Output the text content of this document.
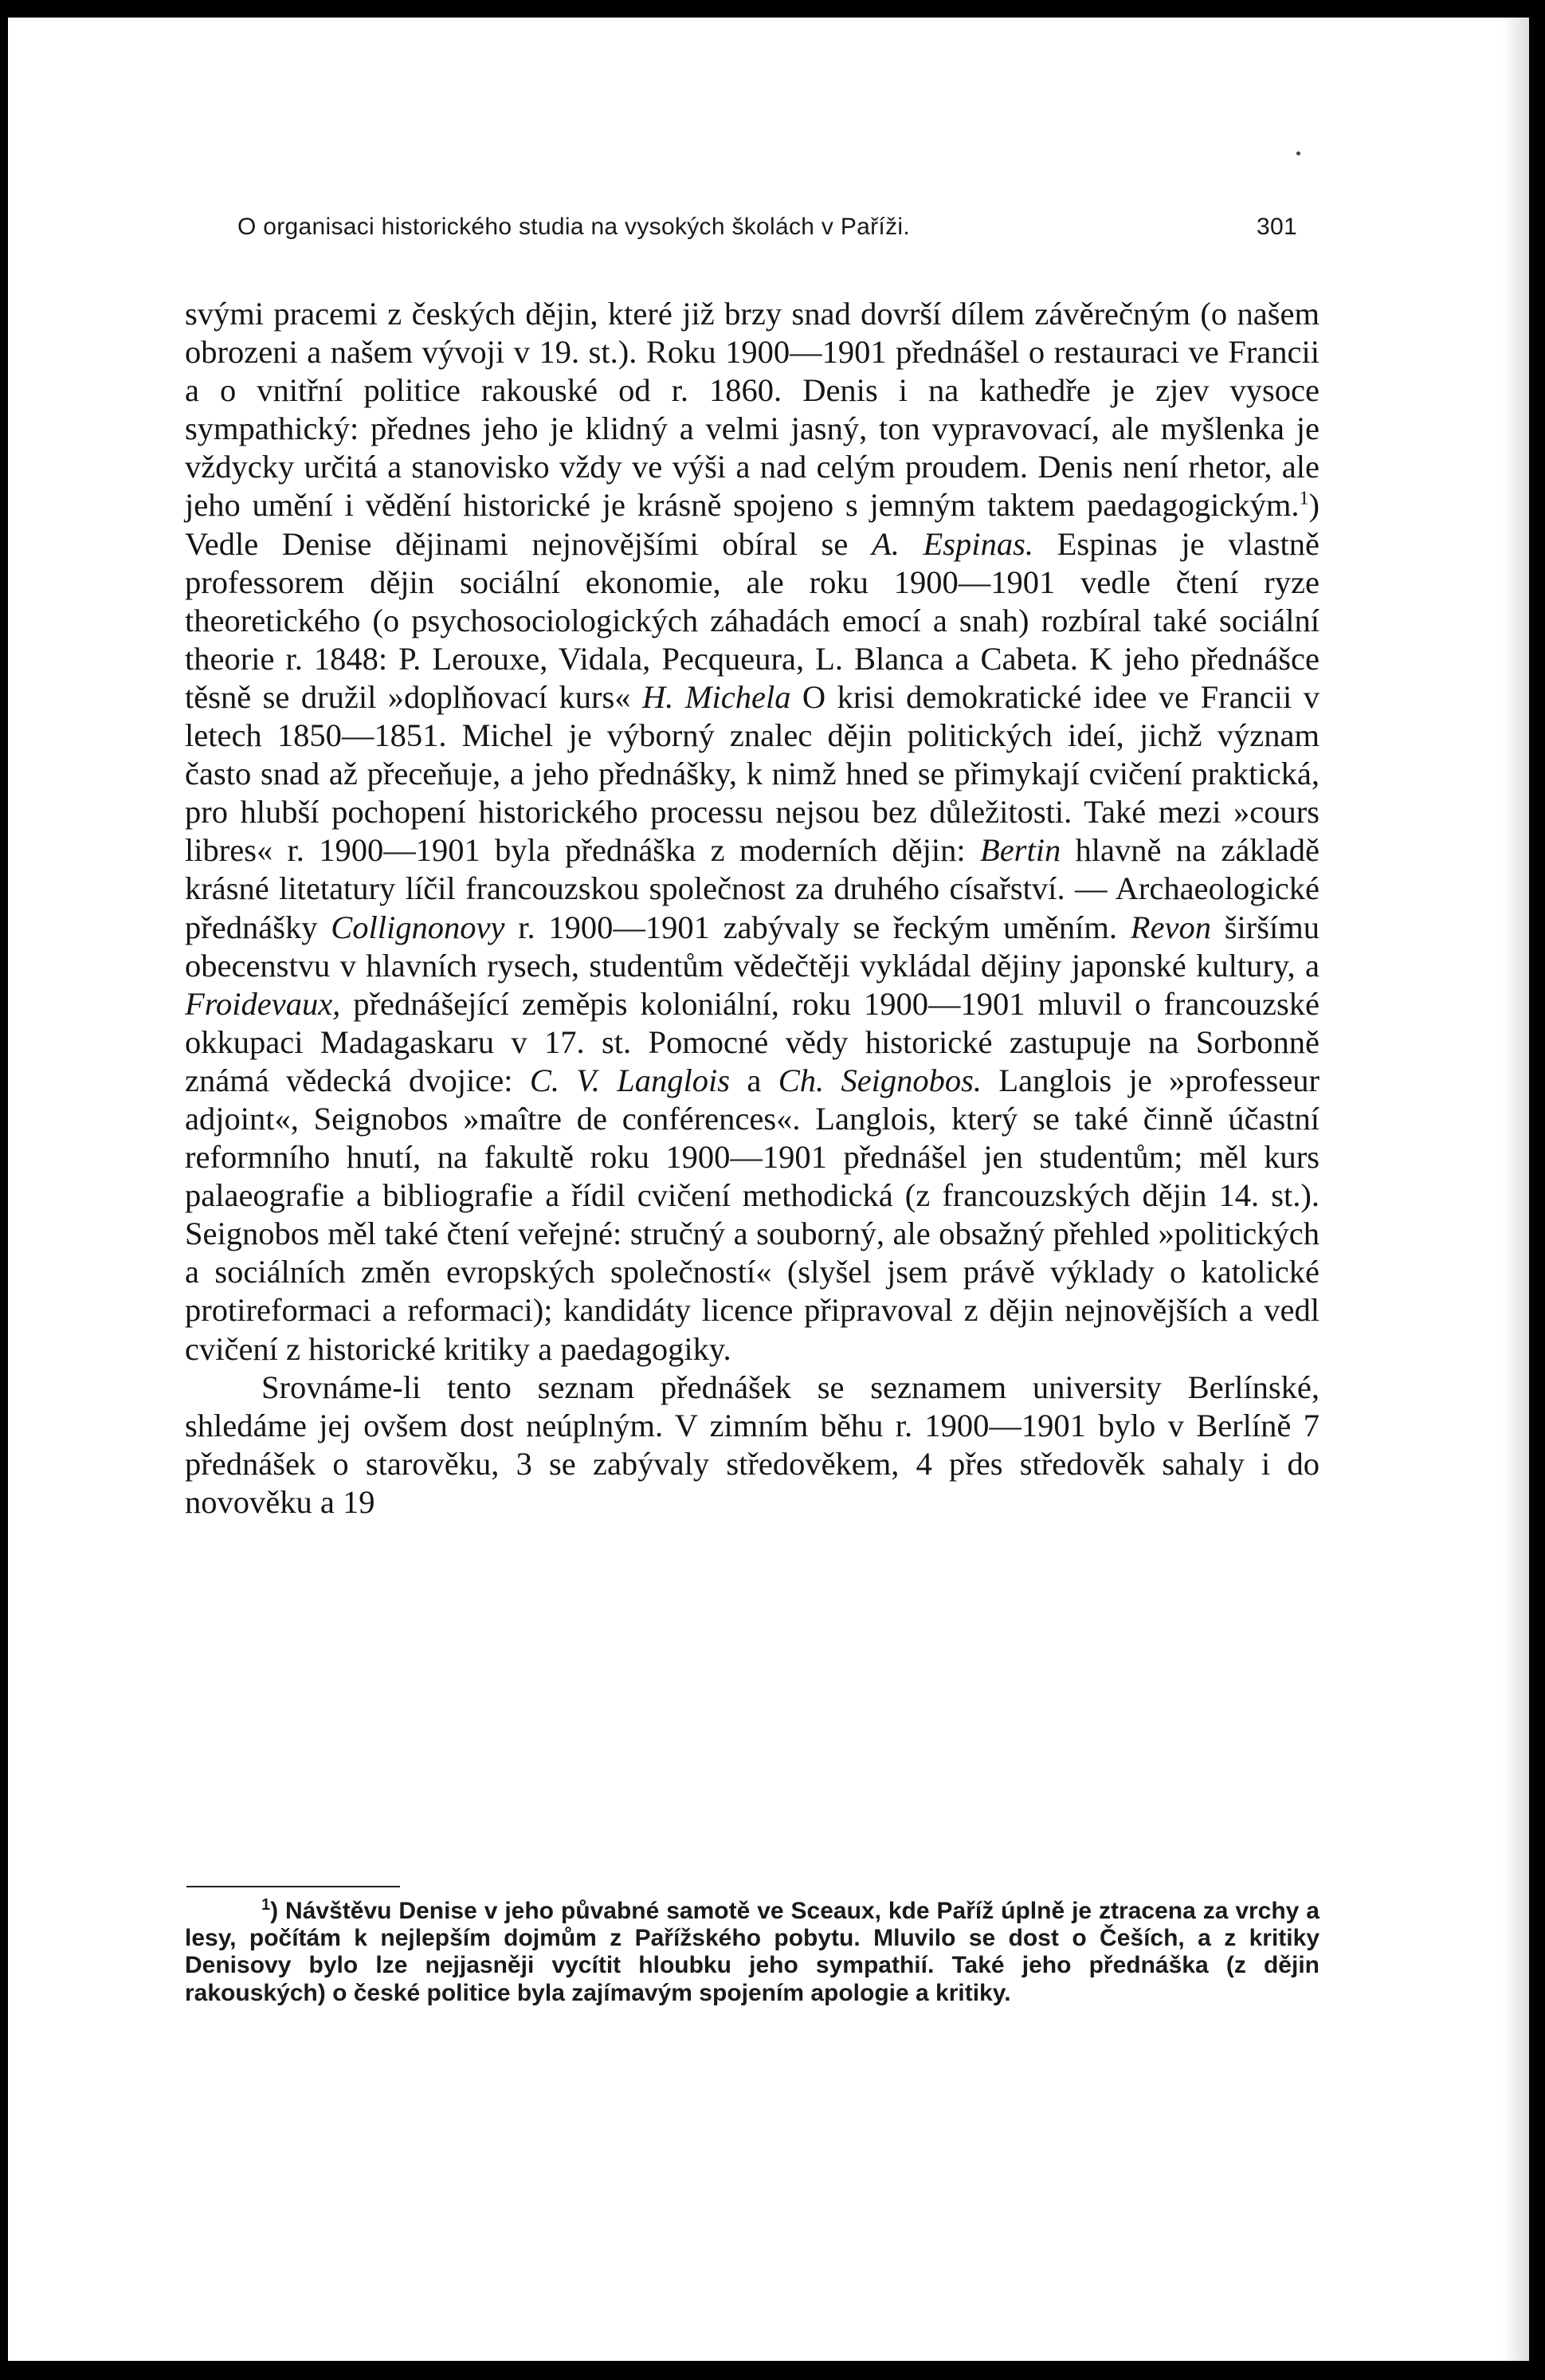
O organisaci historického studia na vysokých školách v Paříži.	301

svými pracemi z českých dějin, které již brzy snad dovrší dílem závěrečným (o našem obrozeni a našem vývoji v 19. st.). Roku 1900—1901 přednášel o restauraci ve Francii a o vnitřní politice rakouské od r. 1860. Denis i na kathedře je zjev vysoce sympathický: přednes jeho je klidný a velmi jasný, ton vypravovací, ale myšlenka je vždycky určitá a stanovisko vždy ve výši a nad celým proudem. Denis není rhetor, ale jeho umění i vědění historické je krásně spojeno s jemným taktem paedagogickým.$^1$) Vedle Denise dějinami nejnovějšími obíral se A. Espinas. Espinas je vlastně professorem dějin sociální ekonomie, ale roku 1900—1901 vedle čtení ryze theoretického (o psychosociologických záhadách emocí a snah) rozbíral také sociální theorie r. 1848: P. Lerouxe, Vidala, Pecqueura, L. Blanca a Cabeta. K jeho přednášce těsně se družil »doplňovací kurs« H. Michela O krisi demokratické idee ve Francii v letech 1850—1851. Michel je výborný znalec dějin politických ideí, jichž význam často snad až přeceňuje, a jeho přednášky, k nimž hned se přimykají cvičení praktická, pro hlubší pochopení historického processu nejsou bez důležitosti. Také mezi »cours libres« r. 1900—1901 byla přednáška z moderních dějin: Bertin hlavně na základě krásné litetatury líčil francouzskou společnost za druhého císařství. — Archaeologické přednášky Collignonovy r. 1900—1901 zabývaly se řeckým uměním. Revon širšímu obecenstvu v hlavních rysech, studentům vědečtěji vykládal dějiny japonské kultury, a Froidevaux, přednášející zeměpis koloniální, roku 1900—1901 mluvil o francouzské okkupaci Madagaskaru v 17. st. Pomocné vědy historické zastupuje na Sorbonně známá vědecká dvojice: C. V. Langlois a Ch. Seignobos. Langlois je »professeur adjoint«, Seignobos »maître de conférences«. Langlois, který se také činně účastní reformního hnutí, na fakultě roku 1900—1901 přednášel jen studentům; měl kurs palaeografie a bibliografie a řídil cvičení methodická (z francouzských dějin 14. st.). Seignobos měl také čtení veřejné: stručný a souborný, ale obsažný přehled »politických a sociálních změn evropských společností« (slyšel jsem právě výklady o katolické protireformaci a reformaci); kandidáty licence připravoval z dějin nejnovějších a vedl cvičení z historické kritiky a paedagogiky.

Srovnáme-li tento seznam přednášek se seznamem university Berlínské, shledáme jej ovšem dost neúplným. V zimním běhu r. 1900—1901 bylo v Berlíně 7 přednášek o starověku, 3 se zabývaly středověkem, 4 přes středověk sahaly i do novověku a 19

$^1$) Návštěvu Denise v jeho půvabné samotě ve Sceaux, kde Paříž úplně je ztracena za vrchy a lesy, počítám k nejlepším dojmům z Pařížského pobytu. Mluvilo se dost o Češích, a z kritiky Denisovy bylo lze nejjasněji vycítit hloubku jeho sympathií. Také jeho přednáška (z dějin rakouských) o české politice byla zajímavým spojením apologie a kritiky.
